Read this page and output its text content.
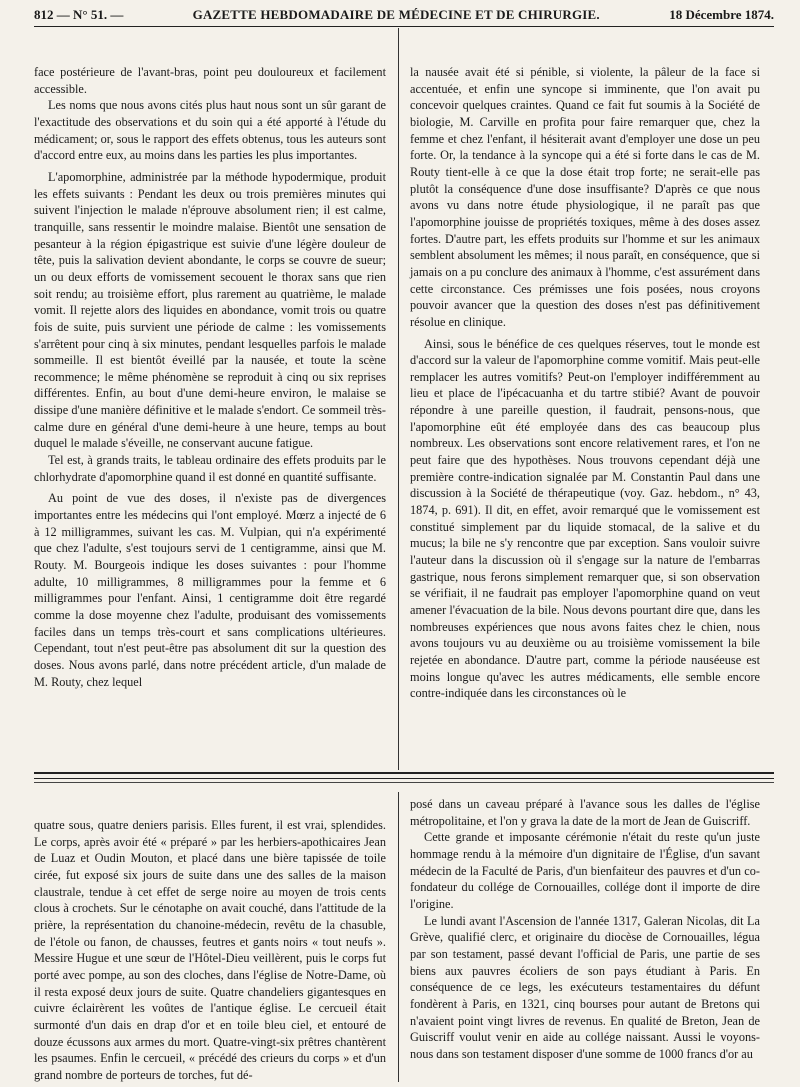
812 — N° 51. —	GAZETTE HEBDOMADAIRE DE MÉDECINE ET DE CHIRURGIE.	18 Décembre 1874.

face postérieure de l'avant-bras, point peu douloureux et facilement accessible.

Les noms que nous avons cités plus haut nous sont un sûr garant de l'exactitude des observations et du soin qui a été apporté à l'étude du médicament; or, sous le rapport des effets obtenus, tous les auteurs sont d'accord entre eux, au moins dans les parties les plus importantes.

L'apomorphine, administrée par la méthode hypodermique, produit les effets suivants : Pendant les deux ou trois premières minutes qui suivent l'injection le malade n'éprouve absolument rien; il est calme, tranquille, sans ressentir le moindre malaise. Bientôt une sensation de pesanteur à la région épigastrique est suivie d'une légère douleur de tête, puis la salivation devient abondante, le corps se couvre de sueur; un ou deux efforts de vomissement secouent le thorax sans que rien soit rendu; au troisième effort, plus rarement au quatrième, le malade vomit. Il rejette alors des liquides en abondance, vomit trois ou quatre fois de suite, puis survient une période de calme : les vomissements s'arrêtent pour cinq à six minutes, pendant lesquelles parfois le malade sommeille. Il est bientôt éveillé par la nausée, et toute la scène recommence; le même phénomène se reproduit à cinq ou six reprises différentes. Enfin, au bout d'une demi-heure environ, le malaise se dissipe d'une manière définitive et le malade s'endort. Ce sommeil très-calme dure en général d'une demi-heure à une heure, temps au bout duquel le malade s'éveille, ne conservant aucune fatigue.

Tel est, à grands traits, le tableau ordinaire des effets produits par le chlorhydrate d'apomorphine quand il est donné en quantité suffisante.

Au point de vue des doses, il n'existe pas de divergences importantes entre les médecins qui l'ont employé. Mœrz a injecté de 6 à 12 milligrammes, suivant les cas. M. Vulpian, qui n'a expérimenté que chez l'adulte, s'est toujours servi de 1 centigramme, ainsi que M. Routy. M. Bourgeois indique les doses suivantes : pour l'homme adulte, 10 milligrammes, 8 milligrammes pour la femme et 6 milligrammes pour l'enfant. Ainsi, 1 centigramme doit être regardé comme la dose moyenne chez l'adulte, produisant des vomissements faciles dans un temps très-court et sans complications ultérieures. Cependant, tout n'est peut-être pas absolument dit sur la question des doses. Nous avons parlé, dans notre précédent article, d'un malade de M. Routy, chez lequel

la nausée avait été si pénible, si violente, la pâleur de la face si accentuée, et enfin une syncope si imminente, que l'on avait pu concevoir quelques craintes. Quand ce fait fut soumis à la Société de biologie, M. Carville en profita pour faire remarquer que, chez la femme et chez l'enfant, il hésiterait avant d'employer une dose un peu forte. Or, la tendance à la syncope qui a été si forte dans le cas de M. Routy tient-elle à ce que la dose était trop forte; ne serait-elle pas plutôt la conséquence d'une dose insuffisante? D'après ce que nous avons vu dans notre étude physiologique, il ne paraît pas que l'apomorphine jouisse de propriétés toxiques, même à des doses assez fortes. D'autre part, les effets produits sur l'homme et sur les animaux semblent absolument les mêmes; il nous paraît, en conséquence, que si jamais on a pu conclure des animaux à l'homme, c'est assurément dans cette circonstance. Ces prémisses une fois posées, nous croyons pouvoir avancer que la question des doses n'est pas définitivement résolue en clinique.

Ainsi, sous le bénéfice de ces quelques réserves, tout le monde est d'accord sur la valeur de l'apomorphine comme vomitif. Mais peut-elle remplacer les autres vomitifs? Peut-on l'employer indifféremment au lieu et place de l'ipécacuanha et du tartre stibié? Avant de pouvoir répondre à une pareille question, il faudrait, pensons-nous, que l'apomorphine eût été employée dans des cas beaucoup plus nombreux. Les observations sont encore relativement rares, et l'on ne peut faire que des hypothèses. Nous trouvons cependant déjà une première contre-indication signalée par M. Constantin Paul dans une discussion à la Société de thérapeutique (voy. Gaz. hebdom., n° 43, 1874, p. 691). Il dit, en effet, avoir remarqué que le vomissement est constitué simplement par du liquide stomacal, de la salive et du mucus; la bile ne s'y rencontre que par exception. Sans vouloir suivre l'auteur dans la discussion où il s'engage sur la nature de l'embarras gastrique, nous ferons simplement remarquer que, si son observation se vérifiait, il ne faudrait pas employer l'apomorphine quand on veut amener l'évacuation de la bile. Nous devons pourtant dire que, dans les nombreuses expériences que nous avons faites chez le chien, nous avons toujours vu au deuxième ou au troisième vomissement la bile rejetée en abondance. D'autre part, comme la période nauséeuse est moins longue qu'avec les autres médicaments, elle semble encore contre-indiquée dans les circonstances où le

quatre sous, quatre deniers parisis. Elles furent, il est vrai, splendides. Le corps, après avoir été « préparé » par les herbiers-apothicaires Jean de Luaz et Oudin Mouton, et placé dans une bière tapissée de toile cirée, fut exposé six jours de suite dans une des salles de la maison claustrale, tendue à cet effet de serge noire au moyen de trois cents clous à crochets. Sur le cénotaphe on avait couché, dans l'attitude de la prière, la représentation du chanoine-médecin, revêtu de la chasuble, de l'étole ou fanon, de chausses, feutres et gants noirs « tout neufs ». Messire Hugue et une sœur de l'Hôtel-Dieu veillèrent, puis le corps fut porté avec pompe, au son des cloches, dans l'église de Notre-Dame, où il resta exposé deux jours de suite. Quatre chandeliers gigantesques en cuivre éclairèrent les voûtes de l'antique église. Le cercueil était surmonté d'un dais en drap d'or et en toile bleu ciel, et entouré de douze écussons aux armes du mort. Quatre-vingt-six prêtres chantèrent les psaumes. Enfin le cercueil, « précédé des crieurs du corps » et d'un grand nombre de porteurs de torches, fut dé-

posé dans un caveau préparé à l'avance sous les dalles de l'église métropolitaine, et l'on y grava la date de la mort de Jean de Guiscriff.

Cette grande et imposante cérémonie n'était du reste qu'un juste hommage rendu à la mémoire d'un dignitaire de l'Église, d'un savant médecin de la Faculté de Paris, d'un bienfaiteur des pauvres et d'un co-fondateur du collége de Cornouailles, collége dont il importe de dire l'origine.

Le lundi avant l'Ascension de l'année 1317, Galeran Nicolas, dit La Grève, qualifié clerc, et originaire du diocèse de Cornouailles, légua par son testament, passé devant l'official de Paris, une partie de ses biens aux pauvres écoliers de son pays étudiant à Paris. En conséquence de ce legs, les exécuteurs testamentaires du défunt fondèrent à Paris, en 1321, cinq bourses pour autant de Bretons qui n'avaient point vingt livres de revenus. En qualité de Breton, Jean de Guiscriff voulut venir en aide au collége naissant. Aussi le voyons-nous dans son testament disposer d'une somme de 1000 francs d'or au
